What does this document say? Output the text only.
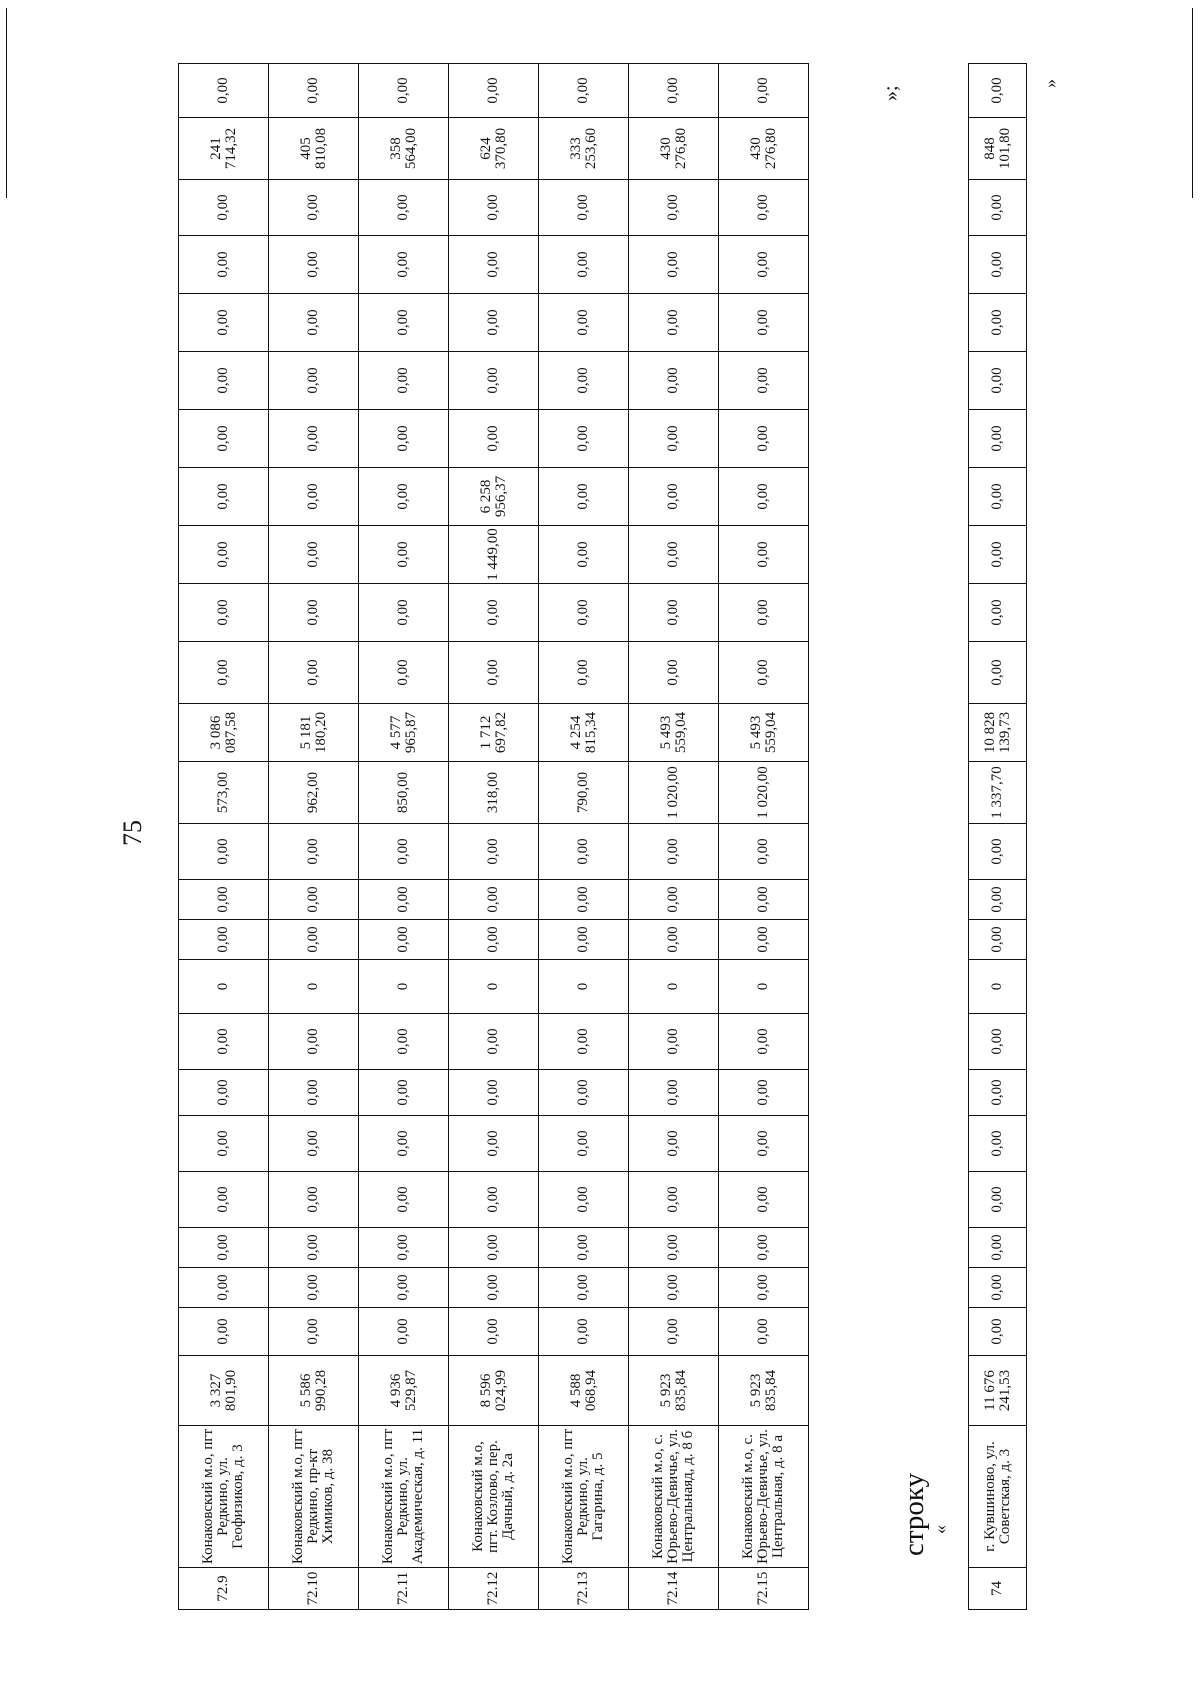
75
72.9	Конаковский м.о, пгт Редкино, ул. Геофизиков, д. 3	3 327 801,90	0,00	0,00	0,00	0,00	0,00	0,00	0,00	0	0,00	0,00	0,00	573,00	3 086 087,58	0,00	0,00	0,00	0,00	0,00	0,00	0,00	0,00	0,00	241 714,32	0,00
72.10	Конаковский м.о, пгт Редкино, пр-кт Химиков, д. 38	5 586 990,28	0,00	0,00	0,00	0,00	0,00	0,00	0,00	0	0,00	0,00	0,00	962,00	5 181 180,20	0,00	0,00	0,00	0,00	0,00	0,00	0,00	0,00	0,00	405 810,08	0,00
72.11	Конаковский м.о, пгт Редкино, ул. Академическая, д. 11	4 936 529,87	0,00	0,00	0,00	0,00	0,00	0,00	0,00	0	0,00	0,00	0,00	850,00	4 577 965,87	0,00	0,00	0,00	0,00	0,00	0,00	0,00	0,00	0,00	358 564,00	0,00
72.12	Конаковский м.о, пгт. Козлово, пер. Дачный, д. 2а	8 596 024,99	0,00	0,00	0,00	0,00	0,00	0,00	0,00	0	0,00	0,00	0,00	318,00	1 712 697,82	0,00	0,00	1 449,00	6 258 956,37	0,00	0,00	0,00	0,00	0,00	624 370,80	0,00
72.13	Конаковский м.о, пгт Редкино, ул. Гагарина, д. 5	4 588 068,94	0,00	0,00	0,00	0,00	0,00	0,00	0,00	0	0,00	0,00	0,00	790,00	4 254 815,34	0,00	0,00	0,00	0,00	0,00	0,00	0,00	0,00	0,00	333 253,60	0,00
72.14	Конаковский м.о, с. Юрьево-Девичье, ул. Центральнаяд, д. 8 б	5 923 835,84	0,00	0,00	0,00	0,00	0,00	0,00	0,00	0	0,00	0,00	0,00	1 020,00	5 493 559,04	0,00	0,00	0,00	0,00	0,00	0,00	0,00	0,00	0,00	430 276,80	0,00
72.15	Конаковский м.о, с. Юрьево-Девичье, ул. Центральная, д. 8 а	5 923 835,84	0,00	0,00	0,00	0,00	0,00	0,00	0,00	0	0,00	0,00	0,00	1 020,00	5 493 559,04	0,00	0,00	0,00	0,00	0,00	0,00	0,00	0,00	0,00	430 276,80	0,00
строку «
»;
74	г. Кувшиново, ул. Советская, д. 3	11 676 241,53	0,00	0,00	0,00	0,00	0,00	0,00	0,00	0	0,00	0,00	0,00	1 337,70	10 828 139,73	0,00	0,00	0,00	0,00	0,00	0,00	0,00	0,00	0,00	848 101,80	0,00 »
